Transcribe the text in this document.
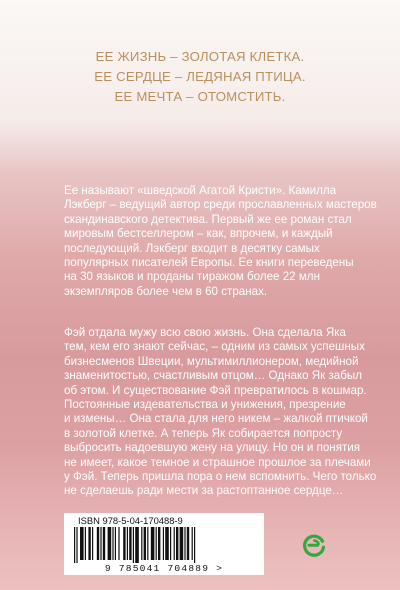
ЕЕ ЖИЗНЬ – ЗОЛОТАЯ КЛЕТКА.
ЕЕ СЕРДЦЕ – ЛЕДЯНАЯ ПТИЦА.
ЕЕ МЕЧТА – ОТОМСТИТЬ.
Ее называют «шведской Агатой Кристи». Камилла
Лэкберг – ведущий автор среди прославленных мастеров
скандинавского детектива. Первый же ее роман стал
мировым бестселлером – как, впрочем, и каждый
последующий. Лэкберг входит в десятку самых
популярных писателей Европы. Ее книги переведены
на 30 языков и проданы тиражом более 22 млн
экземпляров более чем в 60 странах.
Фэй отдала мужу всю свою жизнь. Она сделала Яка
тем, кем его знают сейчас, – одним из самых успешных
бизнесменов Швеции, мультимиллионером, медийной
знаменитостью, счастливым отцом… Однако Як забыл
об этом. И существование Фэй превратилось в кошмар.
Постоянные издевательства и унижения, презрение
и измены… Она стала для него никем – жалкой птичкой
в золотой клетке. А теперь Як собирается попросту
выбросить надоевшую жену на улицу. Но он и понятия
не имеет, какое темное и страшное прошлое за плечами
у Фэй. Теперь пришла пора о нем вспомнить. Чего только
не сделаешь ради мести за растоптанное сердце…
ISBN 978-5-04-170488-9
9 785041 704889 >
